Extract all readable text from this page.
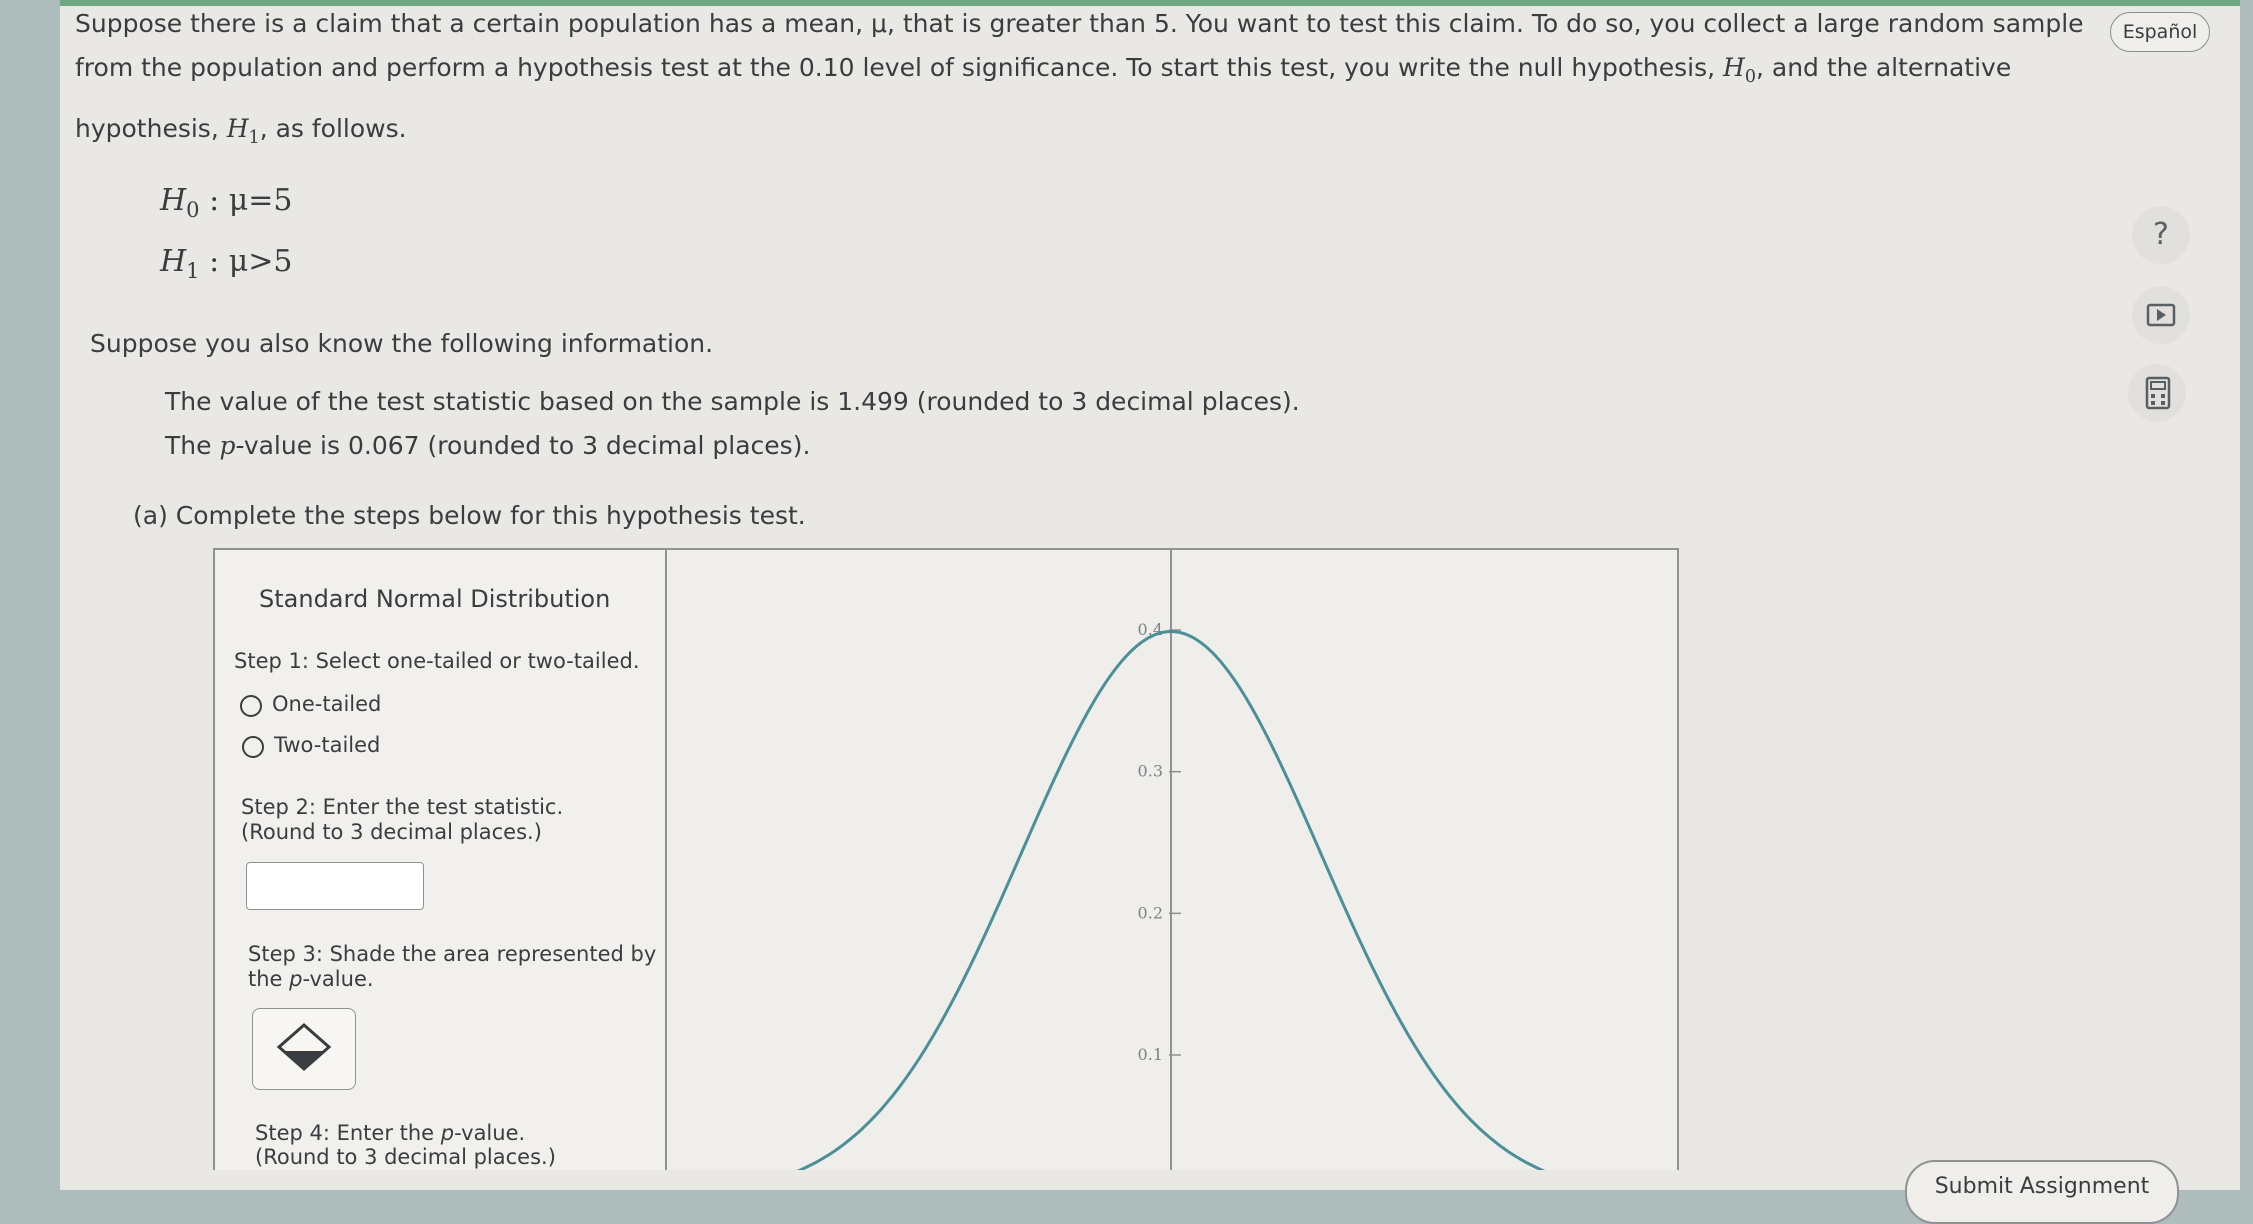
Suppose there is a claim that a certain population has a mean, μ, that is greater than 5. You want to test this claim. To do so, you collect a large random sample
from the population and perform a hypothesis test at the 0.10 level of significance. To start this test, you write the null hypothesis, $H_0$, and the alternative
hypothesis, $H_1$, as follows.
$H_0$ : μ=5
$H_1$ : μ>5
Suppose you also know the following information.
The value of the test statistic based on the sample is 1.499 (rounded to 3 decimal places).
The p-value is 0.067 (rounded to 3 decimal places).
(a) Complete the steps below for this hypothesis test.
Español
?
Standard Normal Distribution
Step 1: Select one-tailed or two-tailed.
One-tailed
Two-tailed
Step 2: Enter the test statistic.
(Round to 3 decimal places.)
Step 3: Shade the area represented by
the p-value.
Step 4: Enter the p-value.
(Round to 3 decimal places.)
0.4
0.3
0.2
0.1
Submit Assignment
